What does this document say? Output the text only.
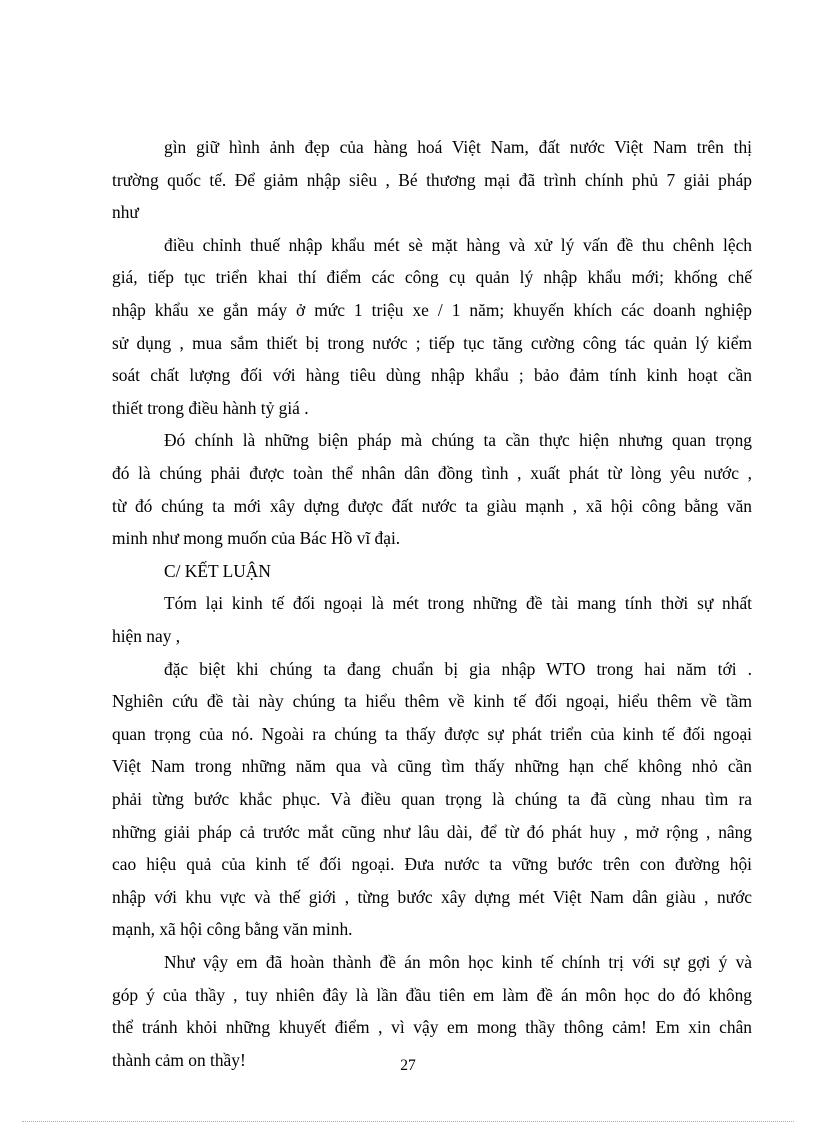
gìn giữ hình ảnh đẹp của hàng hoá Việt Nam, đất nước Việt Nam trên thị
trường quốc tế. Để giảm nhập siêu , Bé thương mại đã trình chính phủ 7 giải pháp
như
điều chỉnh thuế nhập khẩu mét sè mặt hàng và xử lý vấn đề thu chênh lệch
giá, tiếp tục triển khai thí điểm các công cụ quản lý nhập khẩu mới; khống chế
nhập khẩu xe gắn máy ở mức 1 triệu xe / 1 năm; khuyến khích các doanh nghiệp
sử dụng , mua sắm thiết bị trong nước ; tiếp tục tăng cường công tác quản lý kiểm
soát chất lượng đối với hàng tiêu dùng nhập khẩu ; bảo đảm tính kinh hoạt cần
thiết trong điều hành tỷ giá .
Đó chính là những biện pháp mà chúng ta cần thực hiện nhưng quan trọng
đó là chúng phải được toàn thể nhân dân đồng tình , xuất phát từ lòng yêu nước ,
từ đó chúng ta mới xây dựng được đất nước ta giàu mạnh , xã hội công bằng văn
minh như mong muốn của Bác Hồ vĩ đại.
C/ KẾT LUẬN
Tóm lại kinh tế đối ngoại là mét trong những đề tài mang tính thời sự nhất
hiện nay ,
đặc biệt khi chúng ta đang chuẩn bị gia nhập WTO trong hai năm tới .
Nghiên cứu đề tài này chúng ta hiểu thêm về kinh tế đối ngoại, hiểu thêm về tầm
quan trọng của nó. Ngoài ra chúng ta thấy được sự phát triển của kinh tế đối ngoại
Việt Nam trong những năm qua và cũng tìm thấy những hạn chế không nhỏ cần
phải từng bước khắc phục. Và điều quan trọng là chúng ta đã cùng nhau tìm ra
những giải pháp cả trước mắt cũng như lâu dài, để từ đó phát huy , mở rộng , nâng
cao hiệu quả của kinh tế đối ngoại. Đưa nước ta vững bước trên con đường hội
nhập với khu vực và thế giới , từng bước xây dựng mét Việt Nam dân giàu , nước
mạnh, xã hội công bằng văn minh.
Như vậy em đã hoàn thành đề án môn học kinh tế chính trị với sự gợi ý và
góp ý của thầy , tuy nhiên đây là lần đầu tiên em làm đề án môn học do đó không
thể tránh khỏi những khuyết điểm , vì vậy em mong thầy thông cảm! Em xin chân
thành cảm on thầy!	27
